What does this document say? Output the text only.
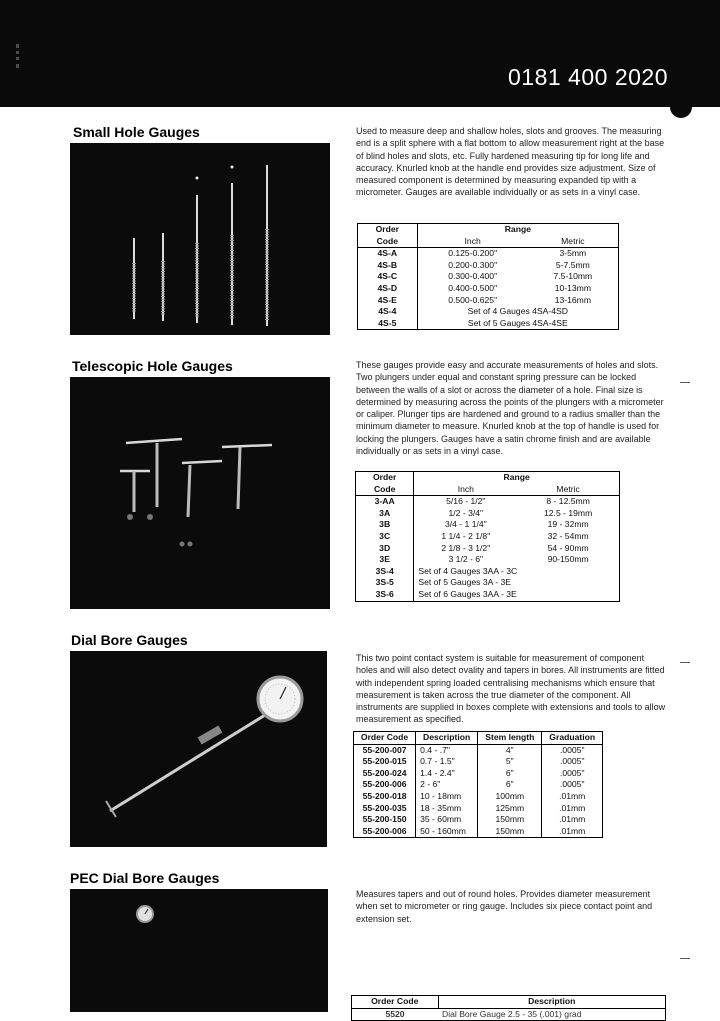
0181 400 2020
Small Hole Gauges	Used to measure deep and shallow holes, slots and grooves. The measuring end is a split sphere with a flat bottom to allow measurement right at the base of blind holes and slots, etc. Fully hardened measuring tip for long life and accuracy. Knurled knob at the handle end provides size adjustment. Size of measured component is determined by measuring expanded tip with a micrometer. Gauges are available individually or as sets in a vinyl case.
Order	Range	
Code	Inch	Metric
4S-A	0.125-0.200"	3-5mm
4S-B	0.200-0.300"	5-7.5mm
4S-C	0.300-0.400"	7.5-10mm
4S-D	0.400-0.500"	10-13mm
4S-E	0.500-0.625"	13-16mm
4S-4	Set of 4 Gauges 4SA-4SD	
4S-5	Set of 5 Gauges 4SA-4SE	
Telescopic Hole Gauges	These gauges provide easy and accurate measurements of holes and slots. Two plungers under equal and constant spring pressure can be locked between the walls of a slot or across the diameter of a hole. Final size is determined by measuring across the points of the plungers with a micrometer or caliper. Plunger tips are hardened and ground to a radius smaller than the minimum diameter to measure. Knurled knob at the top of handle is used for locking the plungers. Gauges have a satin chrome finish and are available individually or as sets in a vinyl case.
Order	Range	
Code	Inch	Metric
3-AA	5/16 - 1/2"	8 - 12.5mm
3A	1/2 - 3/4"	12.5 - 19mm
3B	3/4 - 1 1/4"	19 - 32mm
3C	1 1/4 - 2 1/8"	32 - 54mm
3D	2 1/8 - 3 1/2"	54 - 90mm
3E	3 1/2 - 6"	90-150mm
3S-4	Set of 4 Gauges 3AA - 3C	
3S-5	Set of 5 Gauges 3A - 3E	
3S-6	Set of 6 Gauges 3AA - 3E	
Dial Bore Gauges
This two point contact system is suitable for measurement of component holes and will also detect ovality and tapers in bores. All instruments are fitted with independent spring loaded centralising mechanisms which ensure that measurement is taken across the true diameter of the component. All instruments are supplied in boxes complete with extensions and tools to allow measurement as specified.
Order Code	Description	Stem length	Graduation
55-200-007	0.4 - .7"	4"	.0005"
55-200-015	0.7 - 1.5"	5"	.0005"
55-200-024	1.4 - 2.4"	6"	.0005"
55-200-006	2 - 6"	6"	.0005"
55-200-018	10 - 18mm	100mm	.01mm
55-200-035	18 - 35mm	125mm	.01mm
55-200-150	35 - 60mm	150mm	.01mm
55-200-006	50 - 160mm	150mm	.01mm
PEC Dial Bore Gauges
Measures tapers and out of round holes. Provides diameter measurement when set to micrometer or ring gauge. Includes six piece contact point and extension set.
Order Code	Description
5520	Dial Bore Gauge 2.5 - 35 (.001) grad
